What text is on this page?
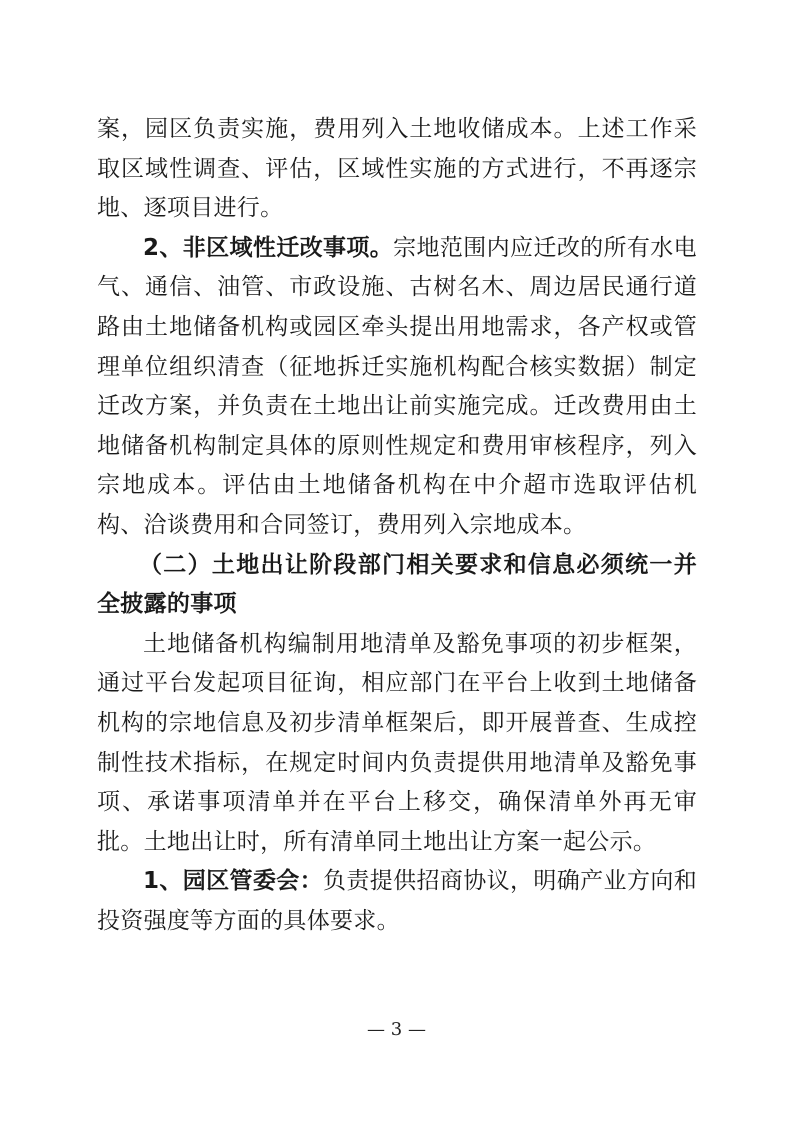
案，园区负责实施，费用列入土地收储成本。上述工作采取区域性调查、评估，区域性实施的方式进行，不再逐宗地、逐项目进行。

2、非区域性迁改事项。宗地范围内应迁改的所有水电气、通信、油管、市政设施、古树名木、周边居民通行道路由土地储备机构或园区牵头提出用地需求，各产权或管理单位组织清查（征地拆迁实施机构配合核实数据）制定迁改方案，并负责在土地出让前实施完成。迁改费用由土地储备机构制定具体的原则性规定和费用审核程序，列入宗地成本。评估由土地储备机构在中介超市选取评估机构、洽谈费用和合同签订，费用列入宗地成本。

（二）土地出让阶段部门相关要求和信息必须统一并全披露的事项

土地储备机构编制用地清单及豁免事项的初步框架，通过平台发起项目征询，相应部门在平台上收到土地储备机构的宗地信息及初步清单框架后，即开展普查、生成控制性技术指标，在规定时间内负责提供用地清单及豁免事项、承诺事项清单并在平台上移交，确保清单外再无审批。土地出让时，所有清单同土地出让方案一起公示。

1、园区管委会：负责提供招商协议，明确产业方向和投资强度等方面的具体要求。

— 3 —
